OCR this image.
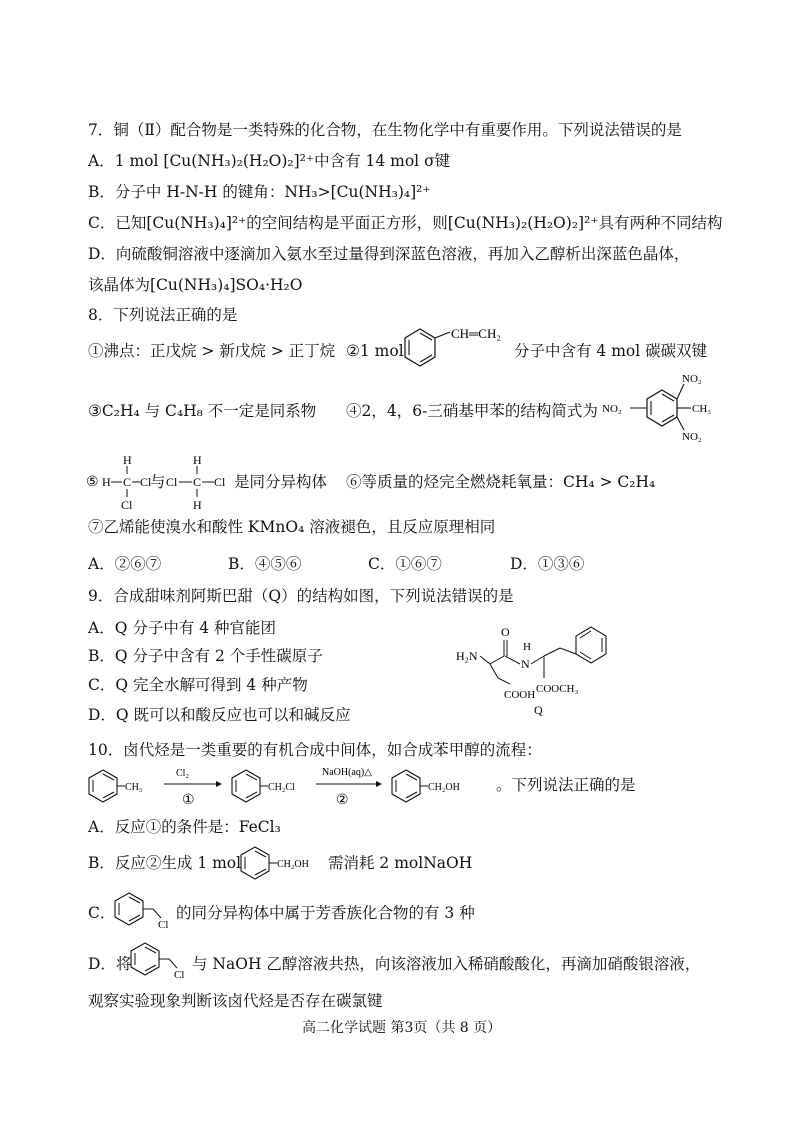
7．铜（Ⅱ）配合物是一类特殊的化合物，在生物化学中有重要作用。下列说法错误的是
A．1 mol [Cu(NH₃)₂(H₂O)₂]²⁺中含有 14 mol σ键
B．分子中 H-N-H 的键角：NH₃>[Cu(NH₃)₄]²⁺
C．已知[Cu(NH₃)₄]²⁺的空间结构是平面正方形，则[Cu(NH₃)₂(H₂O)₂]²⁺具有两种不同结构
D．向硫酸铜溶液中逐滴加入氨水至过量得到深蓝色溶液，再加入乙醇析出深蓝色晶体，
该晶体为[Cu(NH₃)₄]SO₄·H₂O
8．下列说法正确的是
①沸点：正戊烷 > 新戊烷 > 正丁烷 ②1 mol
CH═CH₂
分子中含有 4 mol 碳碳双键
③C₂H₄ 与 C₄H₈ 不一定是同系物 ④2，4，6-三硝基甲苯的结构简式为
NO₂
CH₃
NO₂
NO₂
⑤ H C
H
Cl
Cl
与 Cl C
H
H
Cl 是同分异构体 ⑥等质量的烃完全燃烧耗氧量：CH₄ > C₂H₄
⑦乙烯能使溴水和酸性 KMnO₄ 溶液褪色，且反应原理相同
A．②⑥⑦	B．④⑤⑥	C．①⑥⑦	D．①③⑥
9．合成甜味剂阿斯巴甜（Q）的结构如图，下列说法错误的是
A．Q 分子中有 4 种官能团
B．Q 分子中含有 2 个手性碳原子
C．Q 完全水解可得到 4 种产物
D．Q 既可以和酸反应也可以和碱反应
H₂N
COOH
O
N
H
COOCH₃
Q
10．卤代烃是一类重要的有机合成中间体，如合成苯甲醇的流程：
CH₃
Cl₂
①
CH₂Cl
NaOH(aq)△
②
CH₂OH 。下列说法正确的是
A．反应①的条件是：FeCl₃
B．反应②生成 1 mol	CH₂OH 需消耗 2 molNaOH
C．
Cl
的同分异构体中属于芳香族化合物的有 3 种
D．将
Cl
与 NaOH 乙醇溶液共热，向该溶液加入稀硝酸酸化，再滴加硝酸银溶液，
观察实验现象判断该卤代烃是否存在碳氯键
高二化学试题 第3页（共 8 页）
